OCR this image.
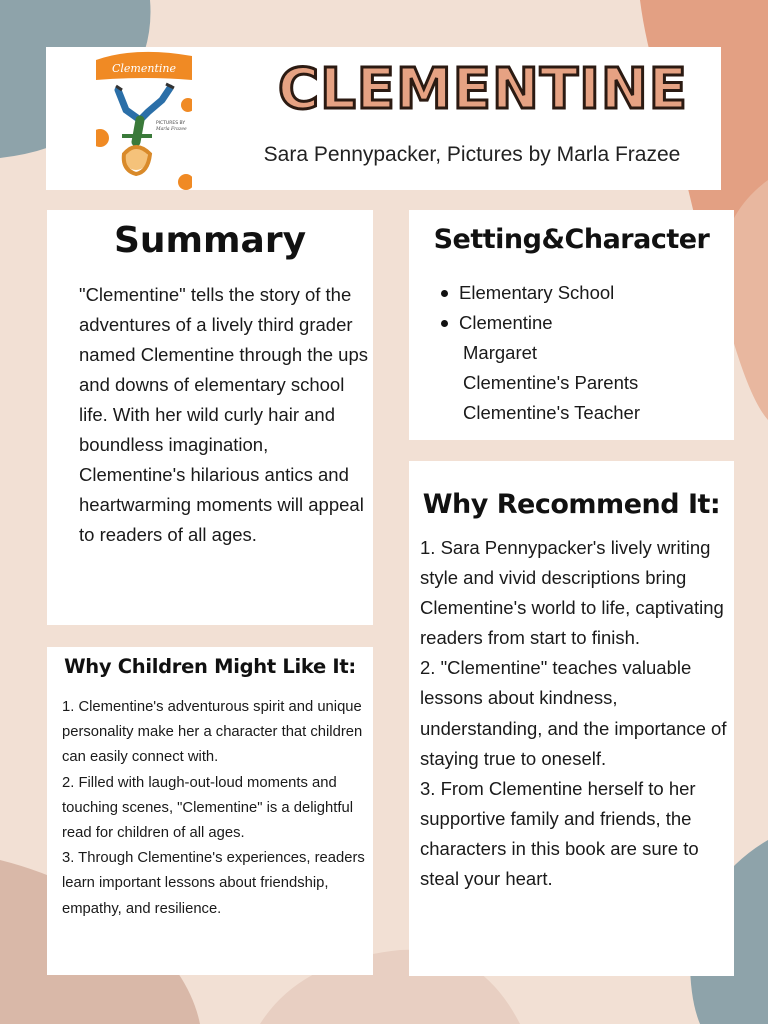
Clementine
PICTURES BY
Marla Frazee
CLEMENTINE
Sara Pennypacker, Pictures by Marla Frazee
Summary

"Clementine" tells the story of the adventures of a lively third grader named Clementine through the ups and downs of elementary school life. With her wild curly hair and boundless imagination, Clementine's hilarious antics and heartwarming moments will appeal to readers of all ages.

Setting&Character
Elementary School
Clementine
Margaret
Clementine's Parents
Clementine's Teacher
Why Children Might Like It:
1. Clementine's adventurous spirit and unique personality make her a character that children can easily connect with.
2. Filled with laugh-out-loud moments and touching scenes, "Clementine" is a delightful read for children of all ages.
3. Through Clementine's experiences, readers learn important lessons about friendship, empathy, and resilience.
Why Recommend It:
1. Sara Pennypacker's lively writing style and vivid descriptions bring Clementine's world to life, captivating readers from start to finish.
2. "Clementine" teaches valuable lessons about kindness, understanding, and the importance of staying true to oneself.
3. From Clementine herself to her supportive family and friends, the characters in this book are sure to steal your heart.
